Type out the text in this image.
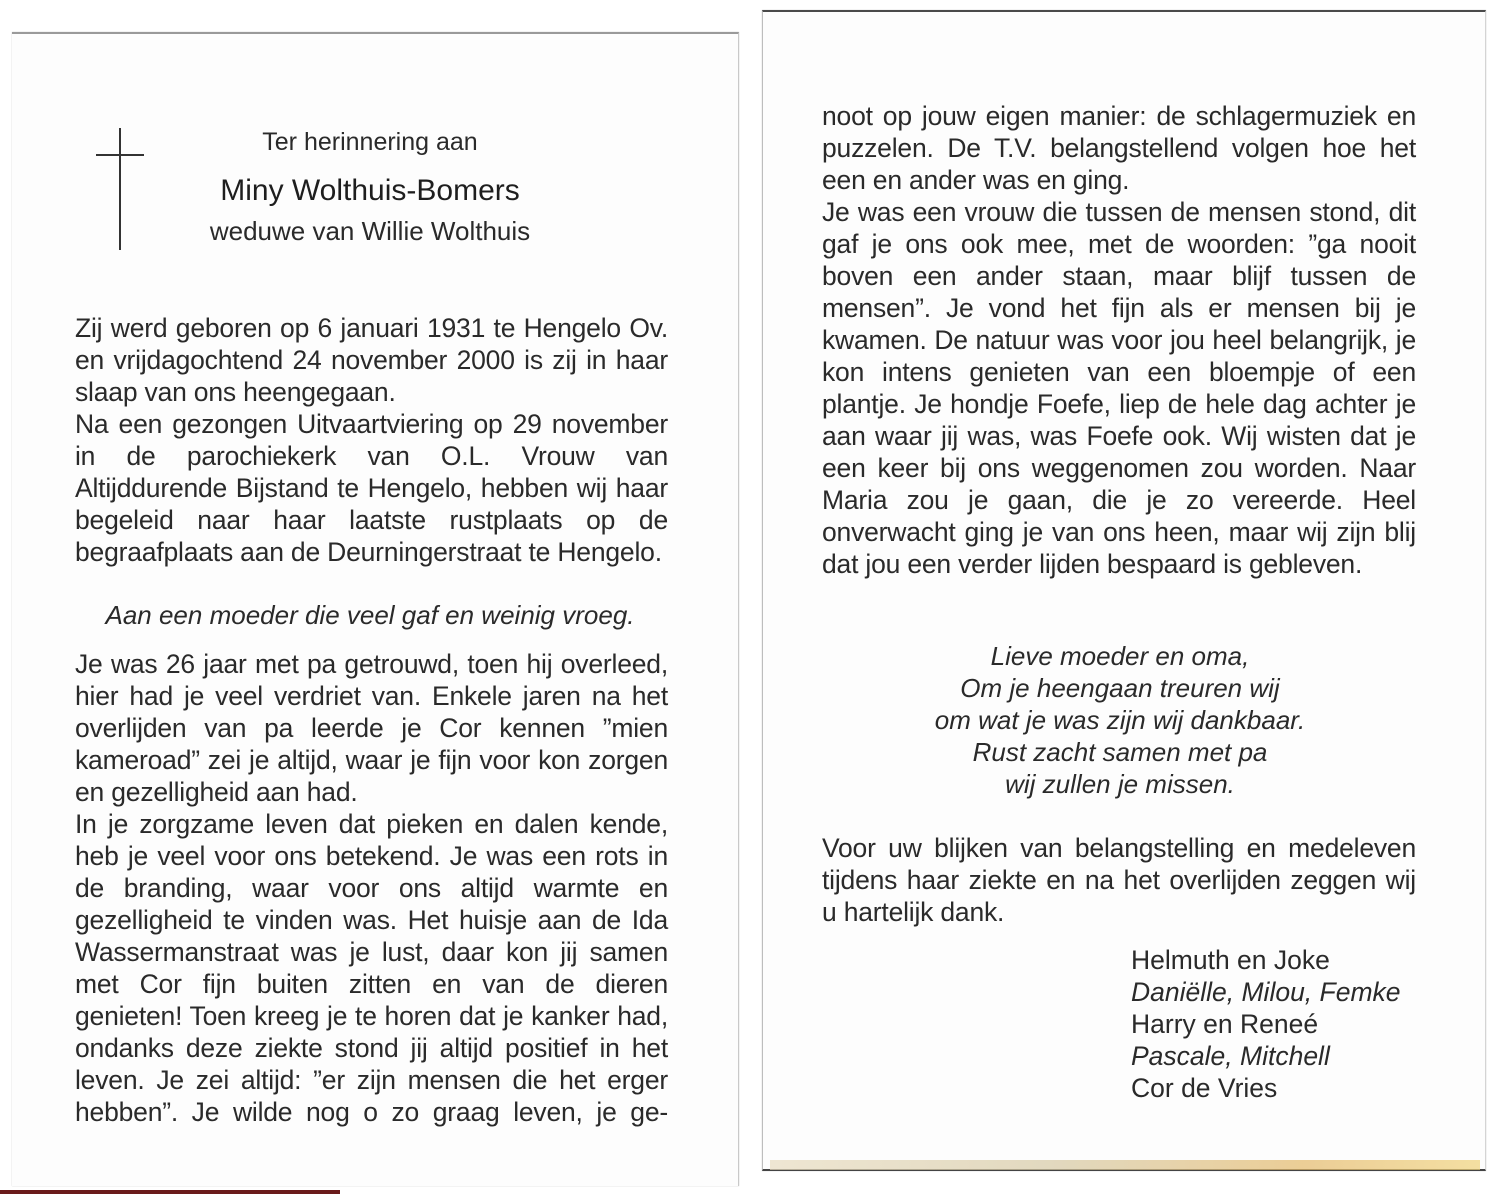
Ter herinnering aan
Miny Wolthuis-Bomers
weduwe van Willie Wolthuis

Zij werd geboren op 6 januari 1931 te Hengelo Ov. en vrijdagochtend 24 november 2000 is zij in haar slaap van ons heengegaan.

Na een gezongen Uitvaartviering op 29 november in de parochiekerk van O.L. Vrouw van Altijddurende Bijstand te Hengelo, hebben wij haar begeleid naar haar laatste rustplaats op de begraafplaats aan de Deurningerstraat te Hengelo.

Aan een moeder die veel gaf en weinig vroeg.

Je was 26 jaar met pa getrouwd, toen hij overleed, hier had je veel verdriet van. Enkele jaren na het overlijden van pa leerde je Cor kennen ”mien kameroad” zei je altijd, waar je fijn voor kon zorgen en gezelligheid aan had.

In je zorgzame leven dat pieken en dalen kende, heb je veel voor ons betekend. Je was een rots in de branding, waar voor ons altijd warmte en gezelligheid te vinden was. Het huisje aan de Ida Wassermanstraat was je lust, daar kon jij samen met Cor fijn buiten zitten en van de dieren genieten! Toen kreeg je te horen dat je kanker had, ondanks deze ziekte stond jij altijd positief in het leven. Je zei altijd: ”er zijn mensen die het erger hebben”. Je wilde nog o zo graag leven, je ge-

noot op jouw eigen manier: de schlagermuziek en puzzelen. De T.V. belangstellend volgen hoe het een en ander was en ging.

Je was een vrouw die tussen de mensen stond, dit gaf je ons ook mee, met de woorden: ”ga nooit boven een ander staan, maar blijf tussen de mensen”. Je vond het fijn als er mensen bij je kwamen. De natuur was voor jou heel belangrijk, je kon intens genieten van een bloempje of een plantje. Je hondje Foefe, liep de hele dag achter je aan waar jij was, was Foefe ook. Wij wisten dat je een keer bij ons weggenomen zou worden. Naar Maria zou je gaan, die je zo vereerde. Heel onverwacht ging je van ons heen, maar wij zijn blij dat jou een verder lijden bespaard is gebleven.

Lieve moeder en oma,
Om je heengaan treuren wij
om wat je was zijn wij dankbaar.
Rust zacht samen met pa
wij zullen je missen.
Voor uw blijken van belangstelling en medeleven tijdens haar ziekte en na het overlijden zeggen wij u hartelijk dank.
Helmuth en Joke
Daniëlle, Milou, Femke
Harry en Reneé
Pascale, Mitchell
Cor de Vries
